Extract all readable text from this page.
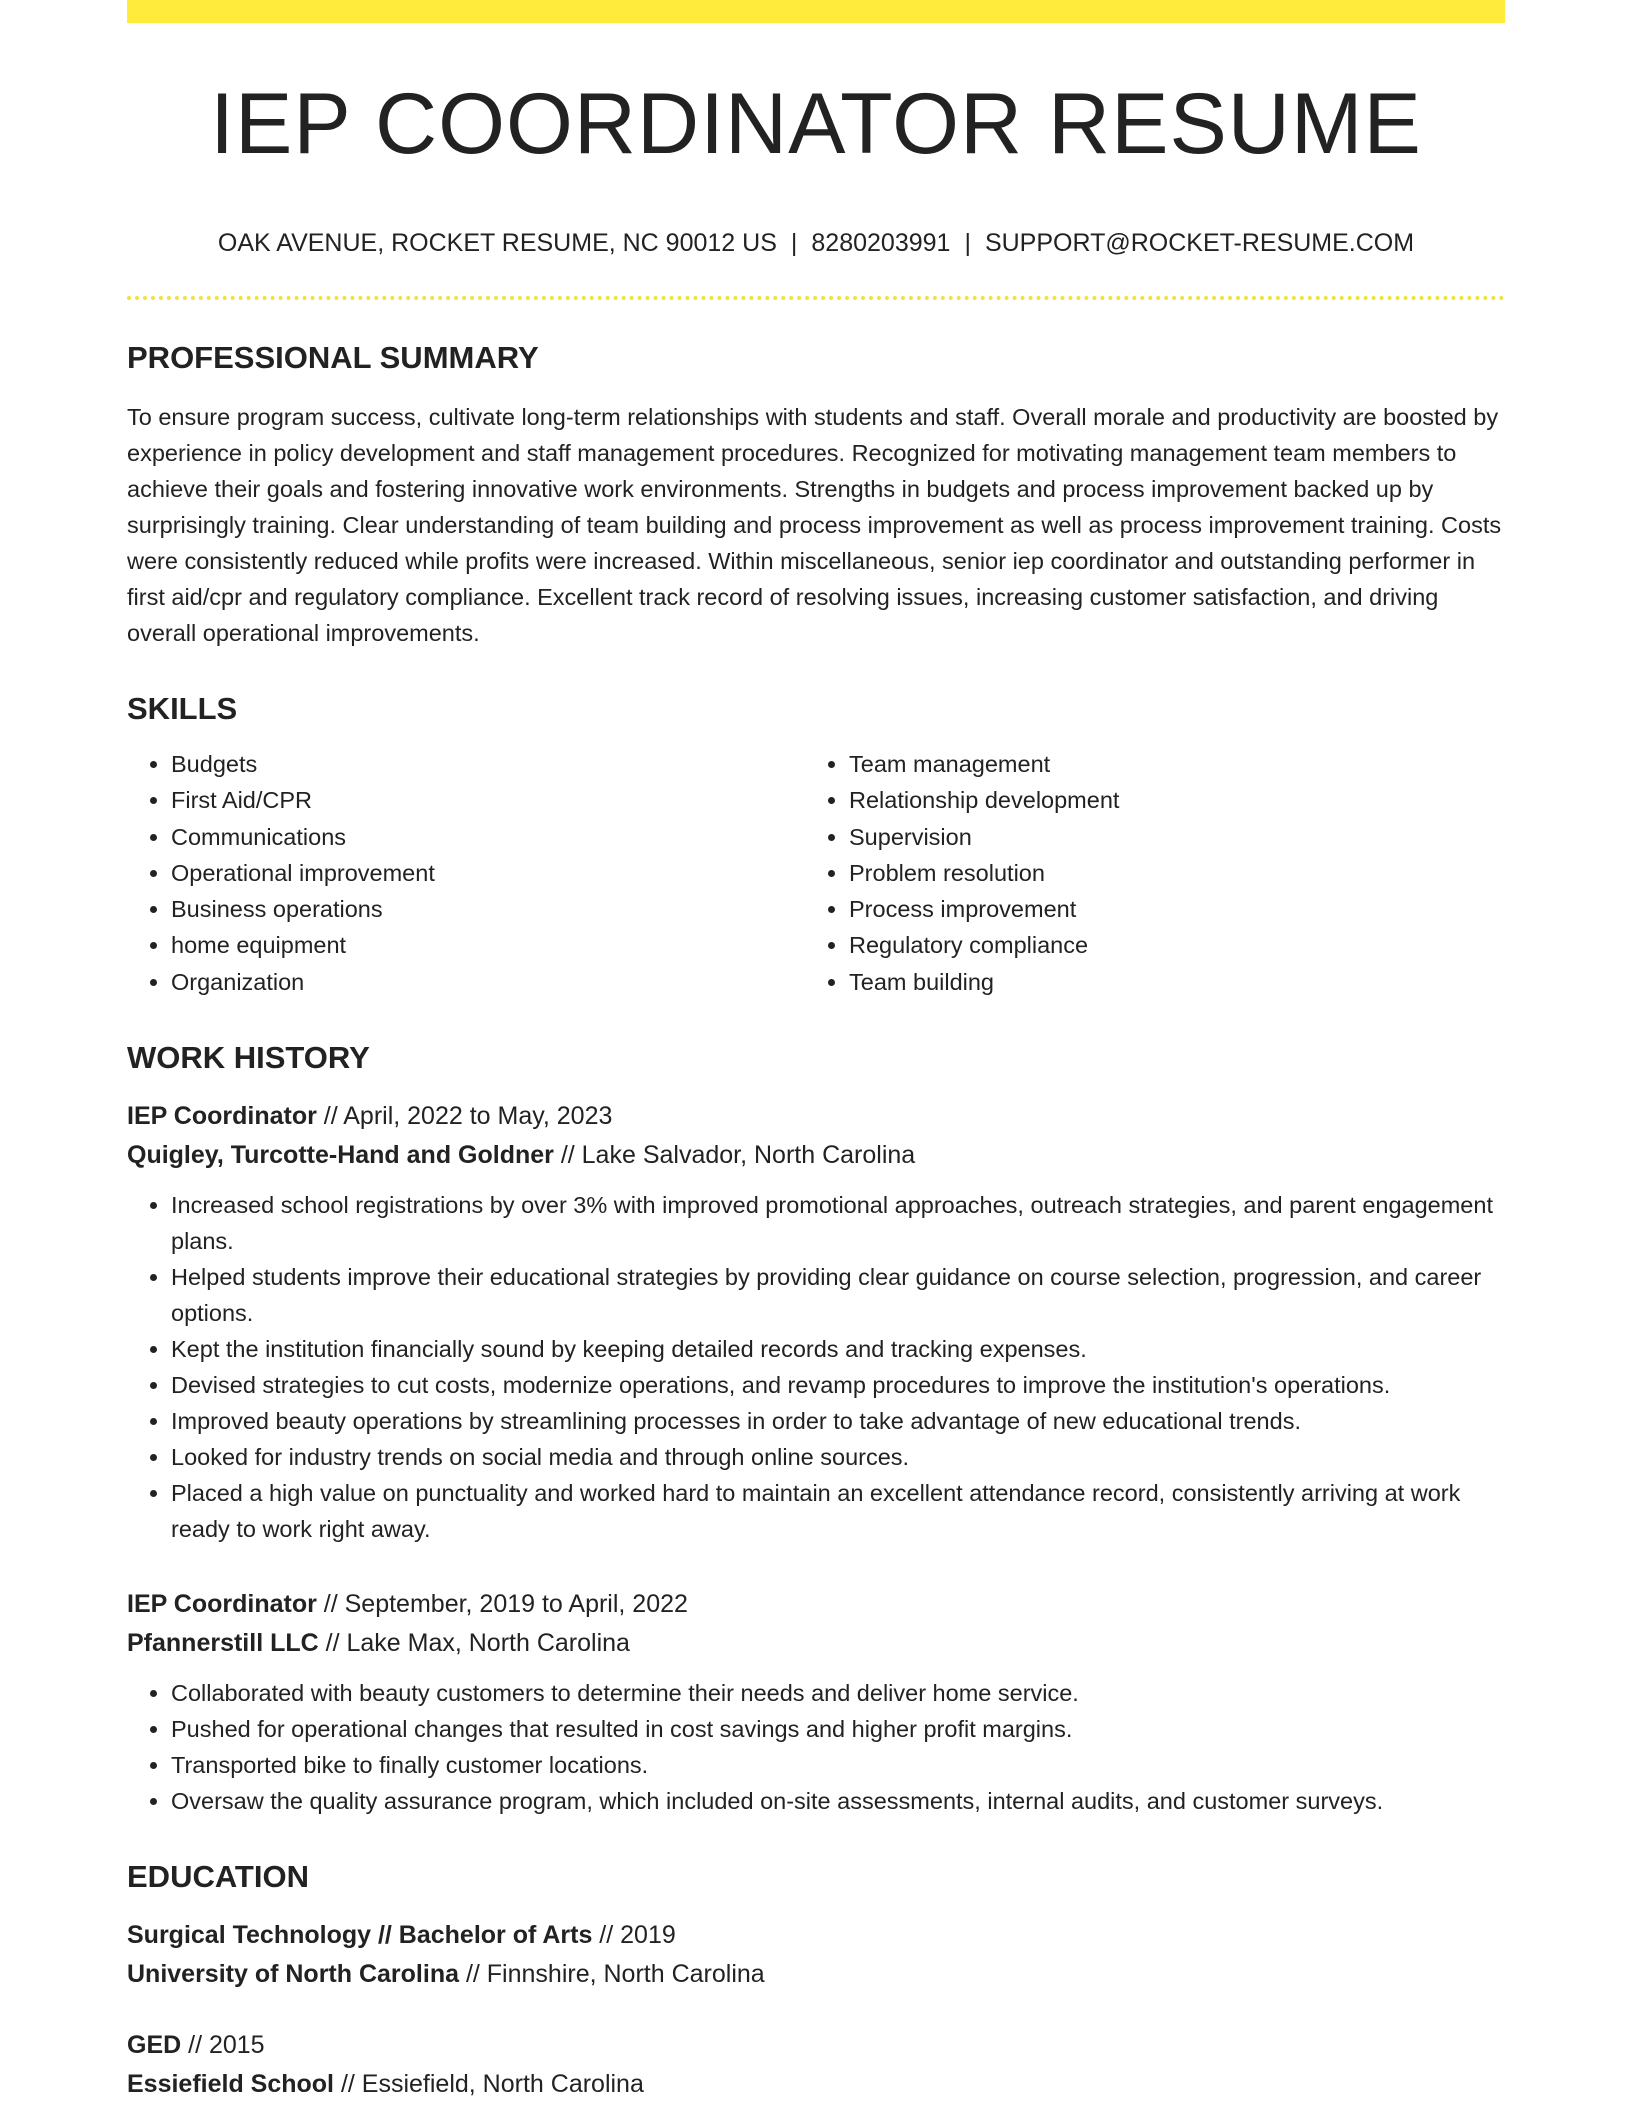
IEP COORDINATOR RESUME
OAK AVENUE, ROCKET RESUME, NC 90012 US | 8280203991 | SUPPORT@ROCKET-RESUME.COM
PROFESSIONAL SUMMARY

To ensure program success, cultivate long-term relationships with students and staff. Overall morale and productivity are boosted by experience in policy development and staff management procedures. Recognized for motivating management team members to achieve their goals and fostering innovative work environments. Strengths in budgets and process improvement backed up by surprisingly training. Clear understanding of team building and process improvement as well as process improvement training. Costs were consistently reduced while profits were increased. Within miscellaneous, senior iep coordinator and outstanding performer in first aid/cpr and regulatory compliance. Excellent track record of resolving issues, increasing customer satisfaction, and driving overall operational improvements.

SKILLS
• Budgets
• First Aid/CPR
• Communications
• Operational improvement
• Business operations
• home equipment
• Organization
• Team management
• Relationship development
• Supervision
• Problem resolution
• Process improvement
• Regulatory compliance
• Team building
WORK HISTORY
IEP Coordinator // April, 2022 to May, 2023
Quigley, Turcotte-Hand and Goldner // Lake Salvador, North Carolina
• Increased school registrations by over 3% with improved promotional approaches, outreach strategies, and parent engagement plans.
• Helped students improve their educational strategies by providing clear guidance on course selection, progression, and career options.
• Kept the institution financially sound by keeping detailed records and tracking expenses.
• Devised strategies to cut costs, modernize operations, and revamp procedures to improve the institution's operations.
• Improved beauty operations by streamlining processes in order to take advantage of new educational trends.
• Looked for industry trends on social media and through online sources.
• Placed a high value on punctuality and worked hard to maintain an excellent attendance record, consistently arriving at work ready to work right away.
IEP Coordinator // September, 2019 to April, 2022
Pfannerstill LLC // Lake Max, North Carolina
• Collaborated with beauty customers to determine their needs and deliver home service.
• Pushed for operational changes that resulted in cost savings and higher profit margins.
• Transported bike to finally customer locations.
• Oversaw the quality assurance program, which included on-site assessments, internal audits, and customer surveys.
EDUCATION
Surgical Technology // Bachelor of Arts // 2019
University of North Carolina // Finnshire, North Carolina
GED // 2015
Essiefield School // Essiefield, North Carolina
